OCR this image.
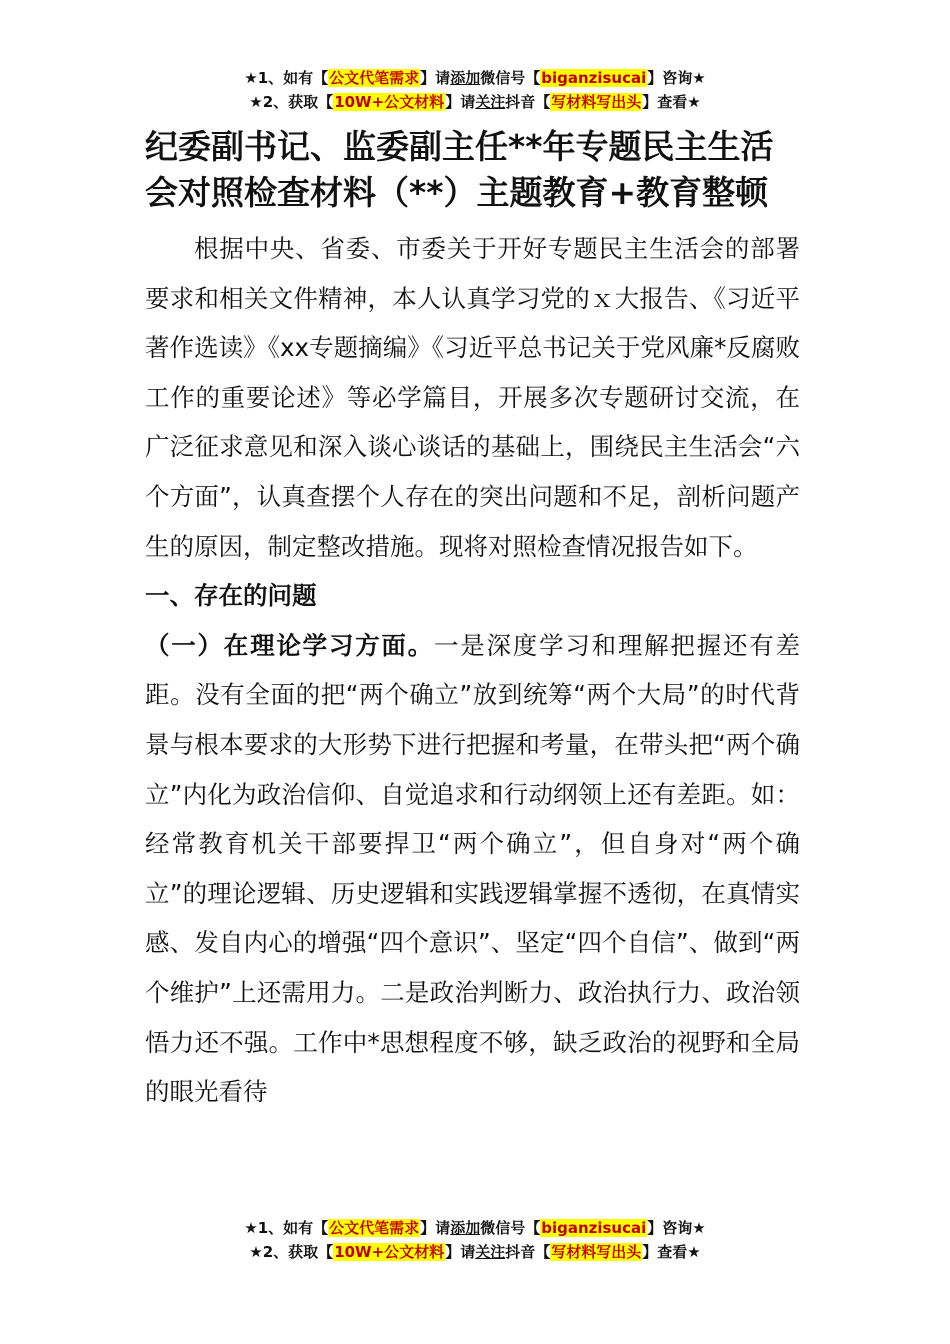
★1、如有【公文代笔需求】请添加微信号【biganzisucai】咨询★
★2、获取【10W+公文材料】请关注抖音【写材料写出头】查看★
纪委副书记、监委副主任**年专题民主生活会对照检查材料（**）主题教育+教育整顿

根据中央、省委、市委关于开好专题民主生活会的部署要求和相关文件精神，本人认真学习党的ｘ大报告、《习近平著作选读》《xx专题摘编》《习近平总书记关于党风廉*反腐败工作的重要论述》等必学篇目，开展多次专题研讨交流，在广泛征求意见和深入谈心谈话的基础上，围绕民主生活会“六个方面”，认真查摆个人存在的突出问题和不足，剖析问题产生的原因，制定整改措施。现将对照检查情况报告如下。

一、存在的问题

（一）在理论学习方面。一是深度学习和理解把握还有差距。没有全面的把“两个确立”放到统筹“两个大局”的时代背景与根本要求的大形势下进行把握和考量，在带头把“两个确立”内化为政治信仰、自觉追求和行动纲领上还有差距。如：经常教育机关干部要捍卫“两个确立”，但自身对“两个确立”的理论逻辑、历史逻辑和实践逻辑掌握不透彻，在真情实感、发自内心的增强“四个意识”、坚定“四个自信”、做到“两个维护”上还需用力。二是政治判断力、政治执行力、政治领悟力还不强。工作中*思想程度不够，缺乏政治的视野和全局的眼光看待

★1、如有【公文代笔需求】请添加微信号【biganzisucai】咨询★
★2、获取【10W+公文材料】请关注抖音【写材料写出头】查看★
